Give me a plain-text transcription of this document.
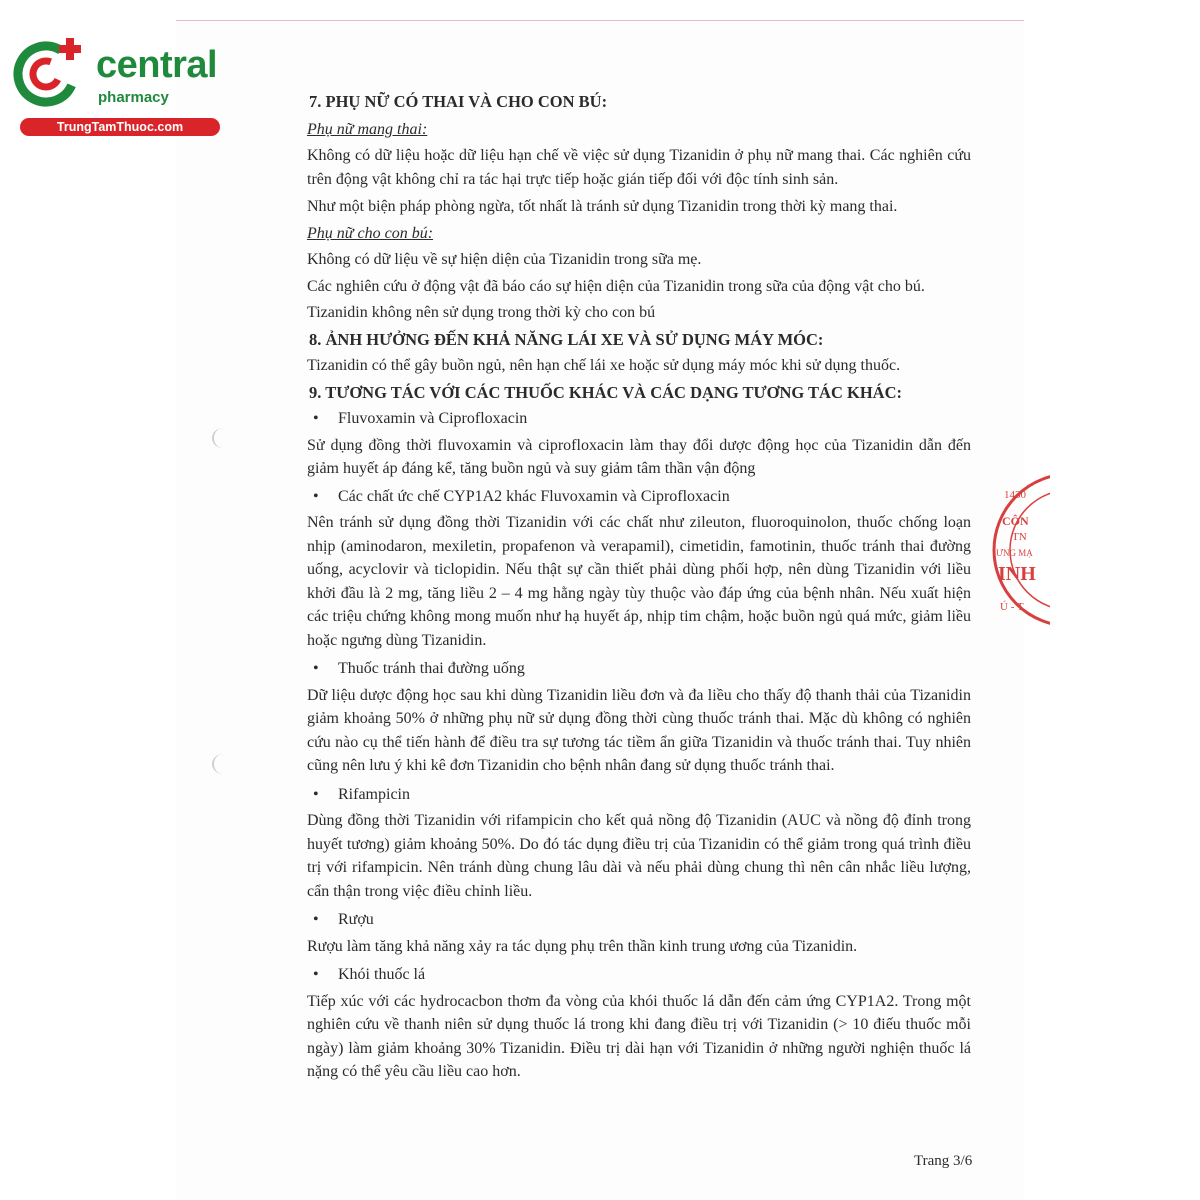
central
pharmacy
TrungTamThuoc.com
1430
CÔN
TN
ƯNG MẠ
INH
Ú - T
7. PHỤ NỮ CÓ THAI VÀ CHO CON BÚ:

Phụ nữ mang thai:

Không có dữ liệu hoặc dữ liệu hạn chế về việc sử dụng Tizanidin ở phụ nữ mang thai. Các nghiên cứu trên động vật không chỉ ra tác hại trực tiếp hoặc gián tiếp đối với độc tính sinh sản.

Như một biện pháp phòng ngừa, tốt nhất là tránh sử dụng Tizanidin trong thời kỳ mang thai.

Phụ nữ cho con bú:

Không có dữ liệu về sự hiện diện của Tizanidin trong sữa mẹ.

Các nghiên cứu ở động vật đã báo cáo sự hiện diện của Tizanidin trong sữa của động vật cho bú.

Tizanidin không nên sử dụng trong thời kỳ cho con bú

8. ẢNH HƯỞNG ĐẾN KHẢ NĂNG LÁI XE VÀ SỬ DỤNG MÁY MÓC:

Tizanidin có thể gây buồn ngủ, nên hạn chế lái xe hoặc sử dụng máy móc khi sử dụng thuốc.

9. TƯƠNG TÁC VỚI CÁC THUỐC KHÁC VÀ CÁC DẠNG TƯƠNG TÁC KHÁC:
•	Fluvoxamin và Ciprofloxacin

Sử dụng đồng thời fluvoxamin và ciprofloxacin làm thay đổi dược động học của Tizanidin dẫn đến giảm huyết áp đáng kể, tăng buồn ngủ và suy giảm tâm thần vận động

•	Các chất ức chế CYP1A2 khác Fluvoxamin và Ciprofloxacin

Nên tránh sử dụng đồng thời Tizanidin với các chất như zileuton, fluoroquinolon, thuốc chống loạn nhịp (aminodaron, mexiletin, propafenon và verapamil), cimetidin, famotinin, thuốc tránh thai đường uống, acyclovir và ticlopidin. Nếu thật sự cần thiết phải dùng phối hợp, nên dùng Tizanidin với liều khởi đầu là 2 mg, tăng liều 2 – 4 mg hằng ngày tùy thuộc vào đáp ứng của bệnh nhân. Nếu xuất hiện các triệu chứng không mong muốn như hạ huyết áp, nhịp tim chậm, hoặc buồn ngủ quá mức, giảm liều hoặc ngưng dùng Tizanidin.

•	Thuốc tránh thai đường uống

Dữ liệu dược động học sau khi dùng Tizanidin liều đơn và đa liều cho thấy độ thanh thải của Tizanidin giảm khoảng 50% ở những phụ nữ sử dụng đồng thời cùng thuốc tránh thai. Mặc dù không có nghiên cứu nào cụ thể tiến hành để điều tra sự tương tác tiềm ẩn giữa Tizanidin và thuốc tránh thai. Tuy nhiên cũng nên lưu ý khi kê đơn Tizanidin cho bệnh nhân đang sử dụng thuốc tránh thai.

•	Rifampicin

Dùng đồng thời Tizanidin với rifampicin cho kết quả nồng độ Tizanidin (AUC và nồng độ đỉnh trong huyết tương) giảm khoảng 50%. Do đó tác dụng điều trị của Tizanidin có thể giảm trong quá trình điều trị với rifampicin. Nên tránh dùng chung lâu dài và nếu phải dùng chung thì nên cân nhắc liều lượng, cẩn thận trong việc điều chỉnh liều.

•	Rượu

Rượu làm tăng khả năng xảy ra tác dụng phụ trên thần kinh trung ương của Tizanidin.

•	Khói thuốc lá

Tiếp xúc với các hydrocacbon thơm đa vòng của khói thuốc lá dẫn đến cảm ứng CYP1A2. Trong một nghiên cứu về thanh niên sử dụng thuốc lá trong khi đang điều trị với Tizanidin (> 10 điếu thuốc mỗi ngày) làm giảm khoảng 30% Tizanidin. Điều trị dài hạn với Tizanidin ở những người nghiện thuốc lá nặng có thể yêu cầu liều cao hơn.

Trang 3/6
